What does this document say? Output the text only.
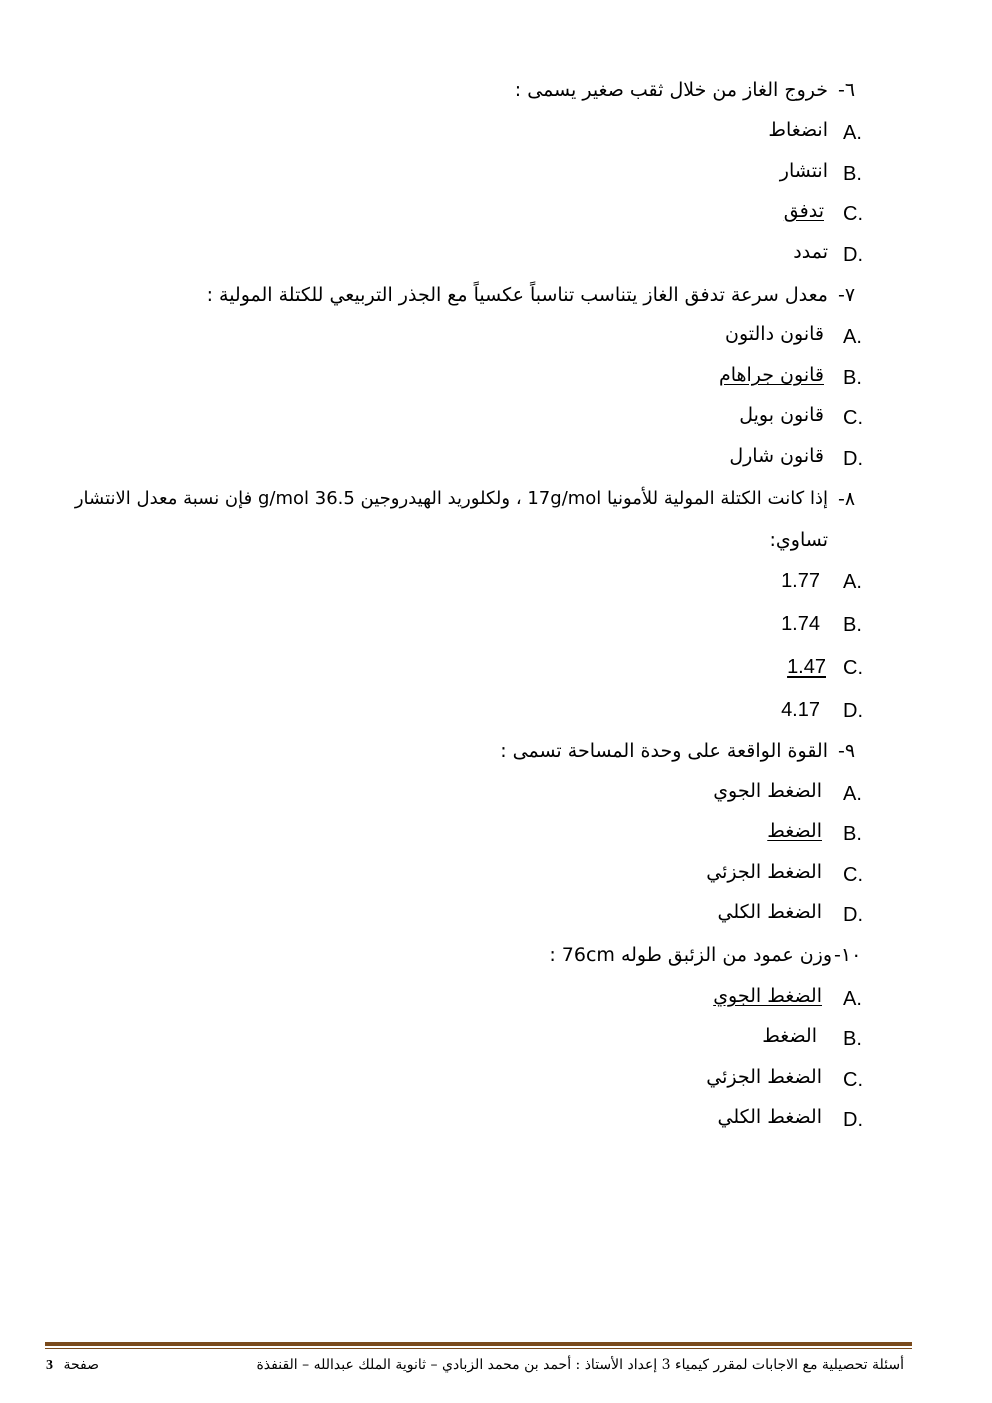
٦-
خروج الغاز من خلال ثقب صغير يسمى :
A.
انضغاط
B.
انتشار
C.
تدفق
D.
تمدد
٧-
معدل سرعة تدفق الغاز يتناسب تناسباً عكسياً مع الجذر التربيعي للكتلة المولية :
A.
قانون دالتون
B.
قانون جراهام
C.
قانون بويل
D.
قانون شارل
٨-
إذا كانت الكتلة المولية للأمونيا 17g/mol ، ولكلوريد الهيدروجين 36.5 g/mol فإن نسبة معدل الانتشار
تساوي:
A.
1.77
B.
1.74
C.
1.47
D.
4.17
٩-
القوة الواقعة على وحدة المساحة تسمى :
A.
الضغط الجوي
B.
الضغط
C.
الضغط الجزئي
D.
الضغط الكلي
١٠-
وزن عمود من الزئبق طوله 76cm :
A.
الضغط الجوي
B.
الضغط
C.
الضغط الجزئي
D.
الضغط الكلي
أسئلة تحصيلية مع الاجابات لمقرر كيمياء 3 إعداد الأستاذ : أحمد بن محمد الزبادي – ثانوية الملك عبدالله – القنفذة
3 صفحة
